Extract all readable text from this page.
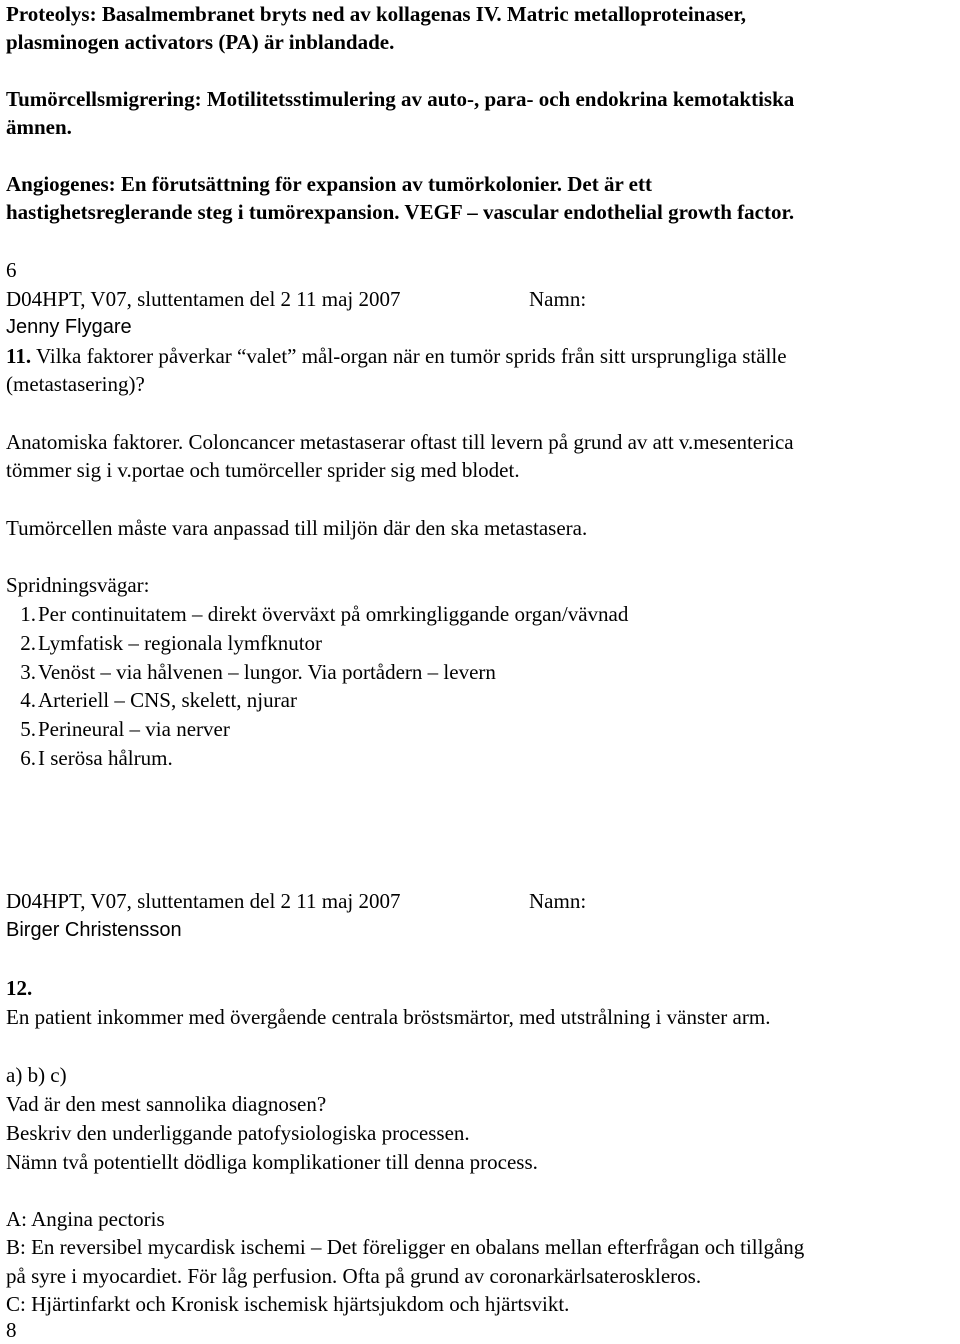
Proteolys: Basalmembranet bryts ned av kollagenas IV. Matric metalloproteinaser,
plasminogen activators (PA) är inblandade.
Tumörcellsmigrering: Motilitetsstimulering av auto-, para- och endokrina kemotaktiska
ämnen.
Angiogenes: En förutsättning för expansion av tumörkolonier. Det är ett
hastighetsreglerande steg i tumörexpansion. VEGF – vascular endothelial growth factor.
6
D04HPT, V07, sluttentamen del 2 11 maj 2007	Namn:
Jenny Flygare
11. Vilka faktorer påverkar “valet” mål-organ när en tumör sprids från sitt ursprungliga ställe
(metastasering)?
Anatomiska faktorer. Coloncancer metastaserar oftast till levern på grund av att v.mesenterica
tömmer sig i v.portae och tumörceller sprider sig med blodet.
Tumörcellen måste vara anpassad till miljön där den ska metastasera.
Spridningsvägar:
1.Per continuitatem – direkt överväxt på omrkingliggande organ/vävnad
2.Lymfatisk – regionala lymfknutor
3.Venöst – via hålvenen – lungor. Via portådern – levern
4.Arteriell – CNS, skelett, njurar
5.Perineural – via nerver
6.I serösa hålrum.
D04HPT, V07, sluttentamen del 2 11 maj 2007	Namn:
Birger Christensson
12.
En patient inkommer med övergående centrala bröstsmärtor, med utstrålning i vänster arm.
a) b) c)
Vad är den mest sannolika diagnosen?
Beskriv den underliggande patofysiologiska processen.
Nämn två potentiellt dödliga komplikationer till denna process.
A: Angina pectoris
B: En reversibel mycardisk ischemi – Det föreligger en obalans mellan efterfrågan och tillgång
på syre i myocardiet. För låg perfusion. Ofta på grund av coronarkärlsateroskleros.
C: Hjärtinfarkt och Kronisk ischemisk hjärtsjukdom och hjärtsvikt.
8
